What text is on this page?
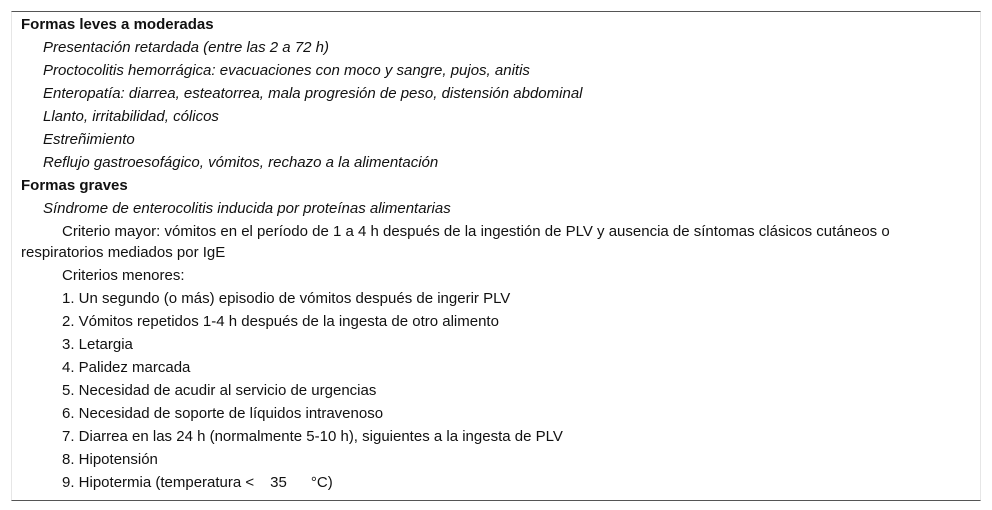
Formas leves a moderadas
Presentación retardada (entre las 2 a 72 h)
Proctocolitis hemorrágica: evacuaciones con moco y sangre, pujos, anitis
Enteropatía: diarrea, esteatorrea, mala progresión de peso, distensión abdominal
Llanto, irritabilidad, cólicos
Estreñimiento
Reflujo gastroesofágico, vómitos, rechazo a la alimentación
Formas graves
Síndrome de enterocolitis inducida por proteínas alimentarias
Criterio mayor: vómitos en el período de 1 a 4 h después de la ingestión de PLV y ausencia de síntomas clásicos cutáneos o respiratorios mediados por IgE
Criterios menores:
1. Un segundo (o más) episodio de vómitos después de ingerir PLV
2. Vómitos repetidos 1-4 h después de la ingesta de otro alimento
3. Letargia
4. Palidez marcada
5. Necesidad de acudir al servicio de urgencias
6. Necesidad de soporte de líquidos intravenoso
7. Diarrea en las 24 h (normalmente 5-10 h), siguientes a la ingesta de PLV
8. Hipotensión
9. Hipotermia (temperatura < 35 °C)
